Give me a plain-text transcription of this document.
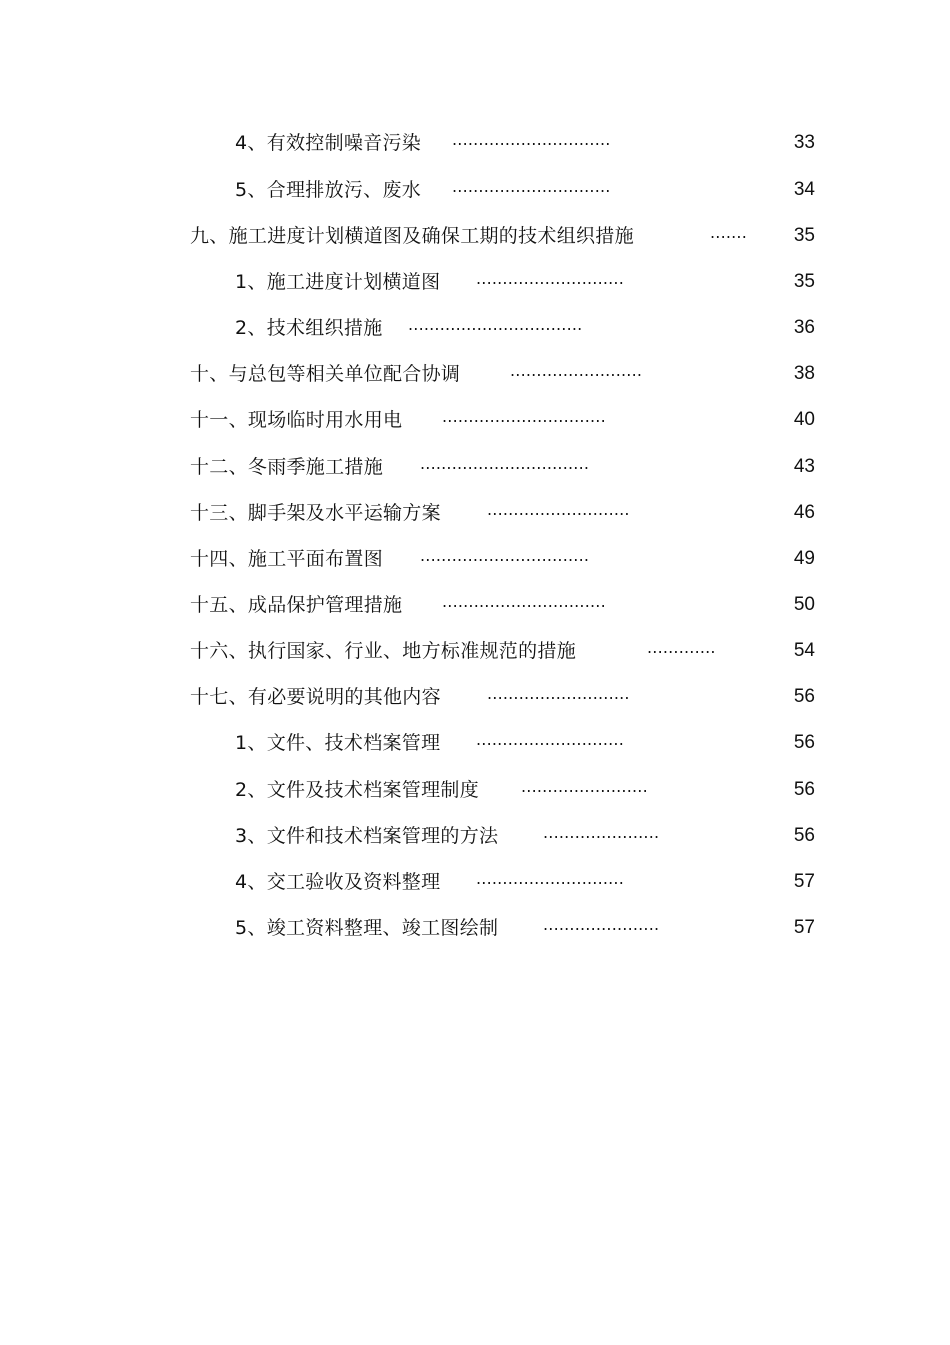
4、有效控制噪音污染 ..............................	33
5、合理排放污、废水 ..............................	34
九、施工进度计划横道图及确保工期的技术组织措施	....... 35
1、施工进度计划横道图 ............................	35
2、技术组织措施 .................................	36
十、与总包等相关单位配合协调	.........................	38
十一、现场临时用水用电 ...............................	40
十二、冬雨季施工措施 ................................	43
十三、脚手架及水平运输方案	...........................	46
十四、施工平面布置图 ................................	49
十五、成品保护管理措施 ...............................	50
十六、执行国家、行业、地方标准规范的措施	.............	54
十七、有必要说明的其他内容	...........................	56
1、文件、技术档案管理 ............................	56
2、文件及技术档案管理制度	........................	56
3、文件和技术档案管理的方法	......................	56
4、交工验收及资料整理 ............................	57
5、竣工资料整理、竣工图绘制	......................	57
